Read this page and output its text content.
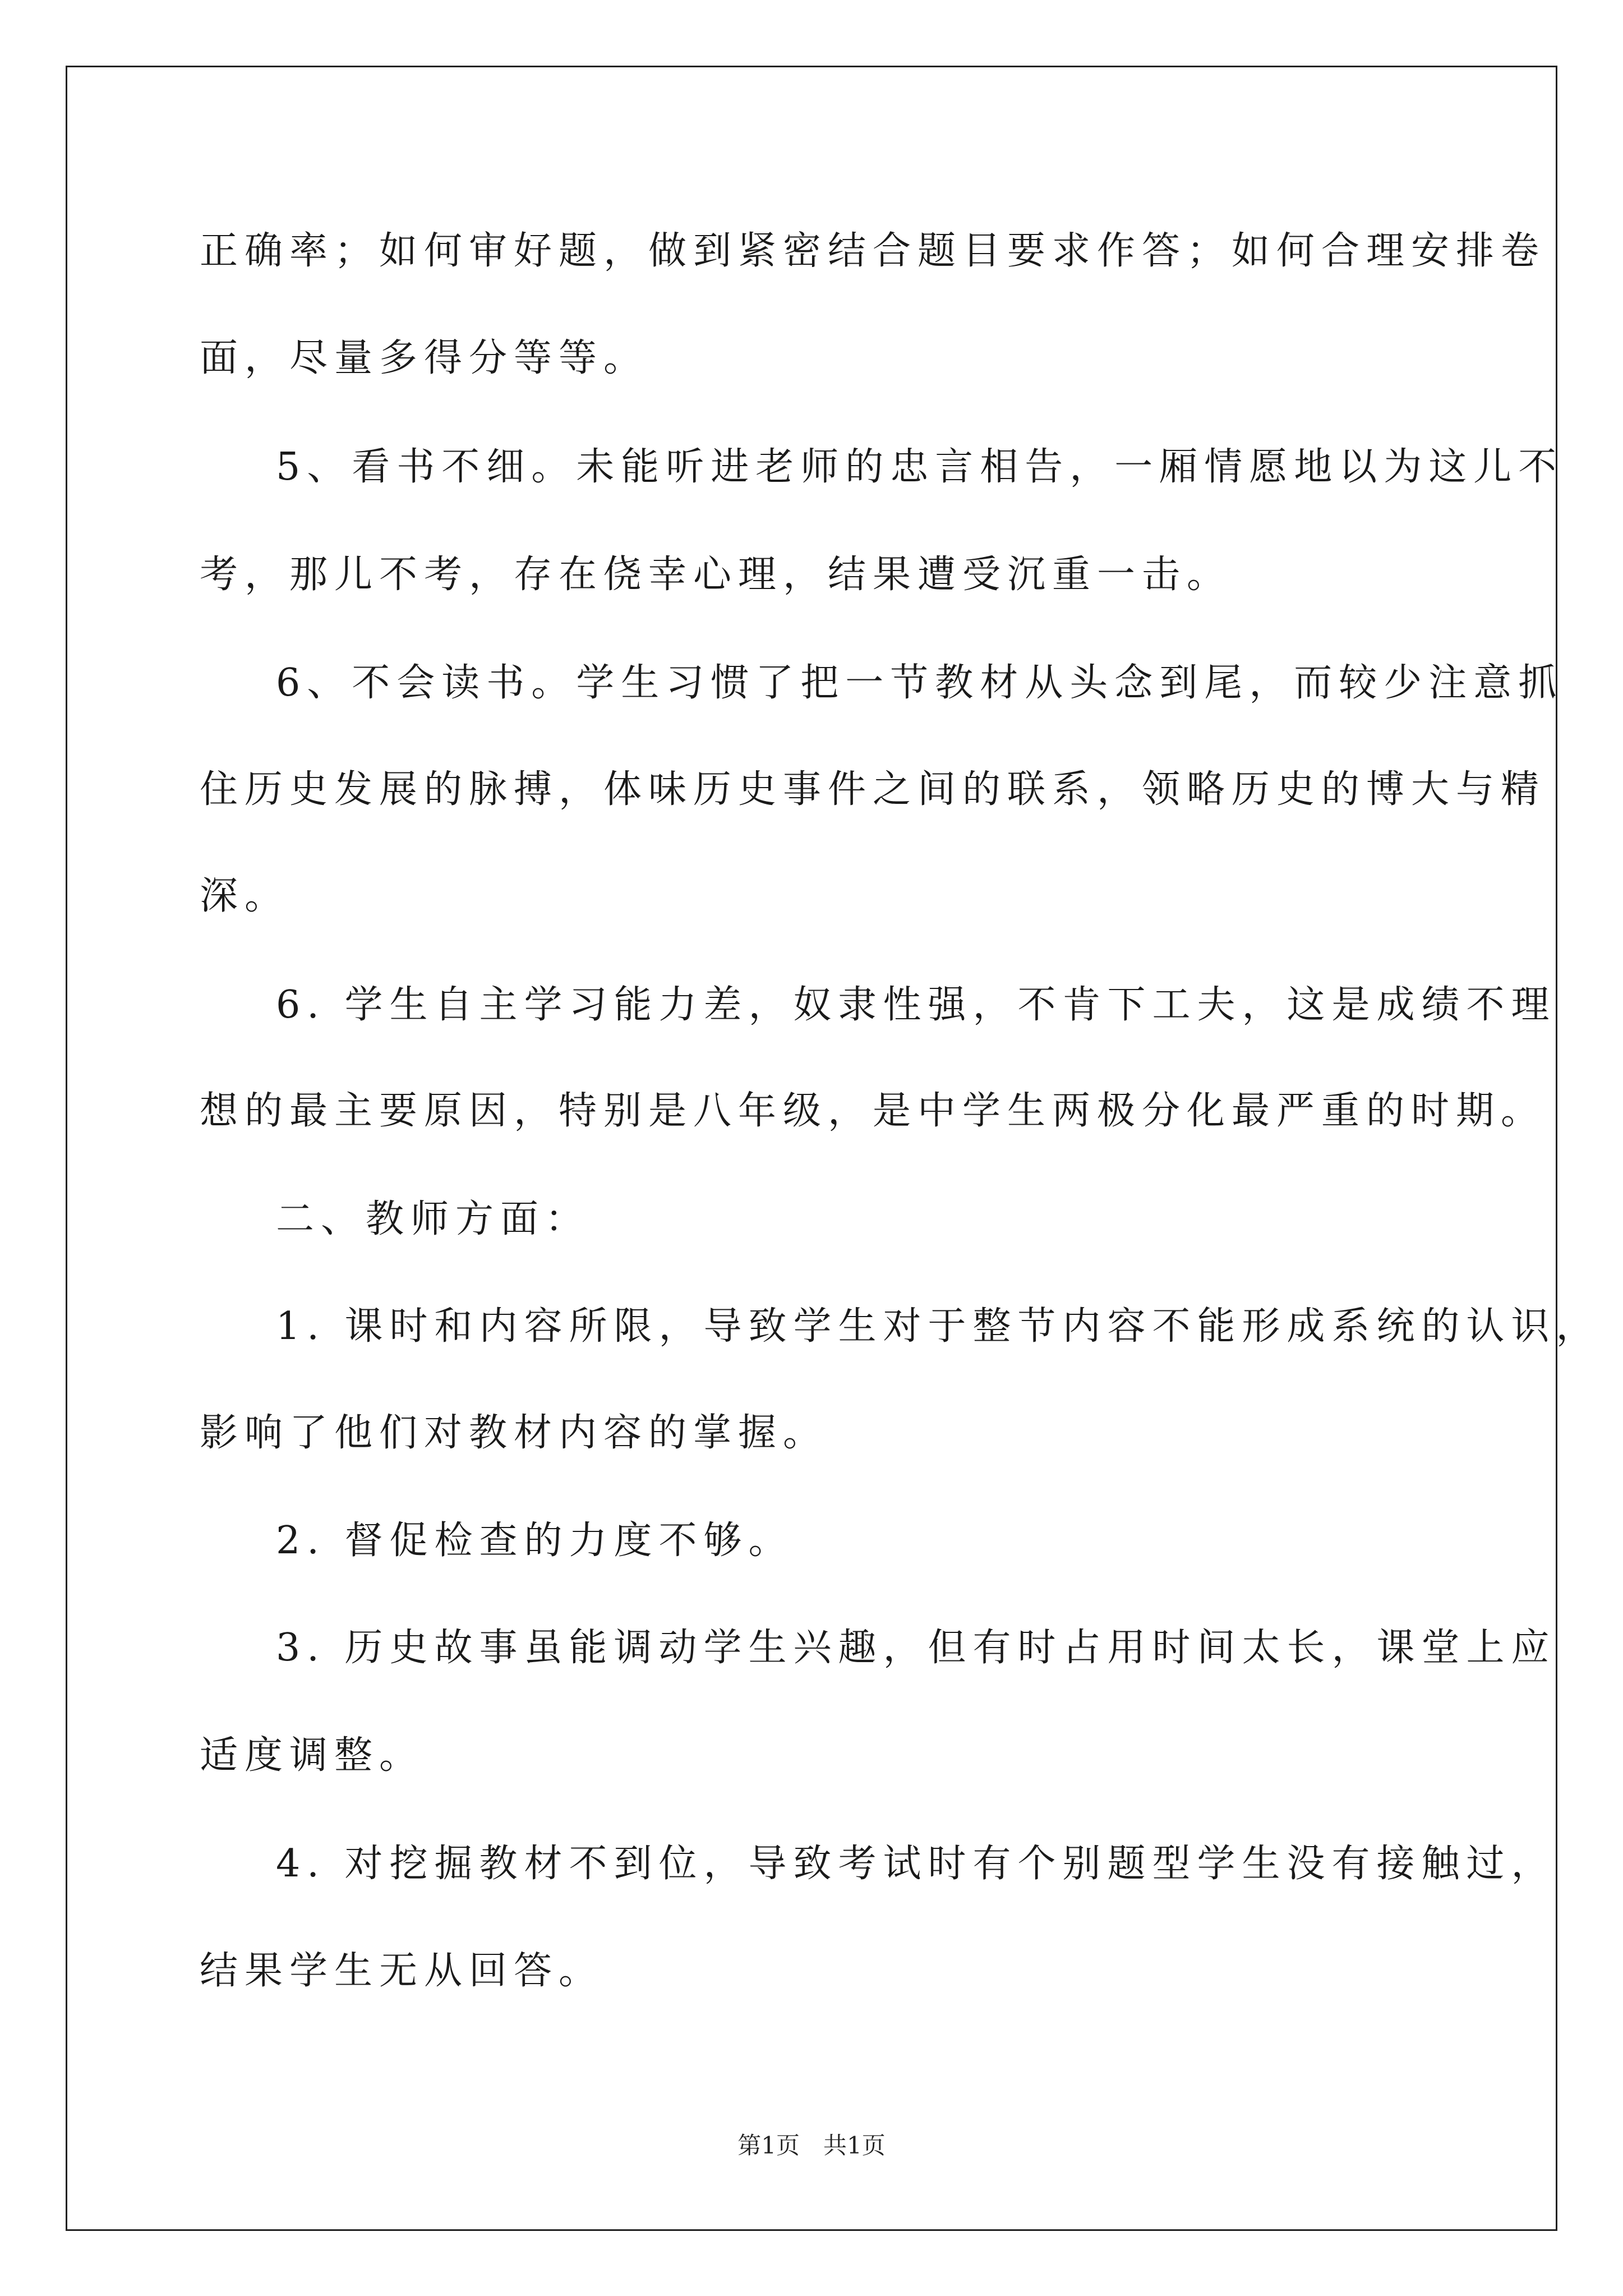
正确率；如何审好题，做到紧密结合题目要求作答；如何合理安排卷
面，尽量多得分等等。
5、看书不细。未能听进老师的忠言相告，一厢情愿地以为这儿不
考，那儿不考，存在侥幸心理，结果遭受沉重一击。
6、不会读书。学生习惯了把一节教材从头念到尾，而较少注意抓
住历史发展的脉搏，体味历史事件之间的联系，领略历史的博大与精
深。
6. 学生自主学习能力差，奴隶性强，不肯下工夫，这是成绩不理
想的最主要原因，特别是八年级，是中学生两极分化最严重的时期。
二、教师方面：
1. 课时和内容所限，导致学生对于整节内容不能形成系统的认识，
影响了他们对教材内容的掌握。
2. 督促检查的力度不够。
3. 历史故事虽能调动学生兴趣，但有时占用时间太长，课堂上应
适度调整。
4. 对挖掘教材不到位，导致考试时有个别题型学生没有接触过，
结果学生无从回答。
第1页　共1页
